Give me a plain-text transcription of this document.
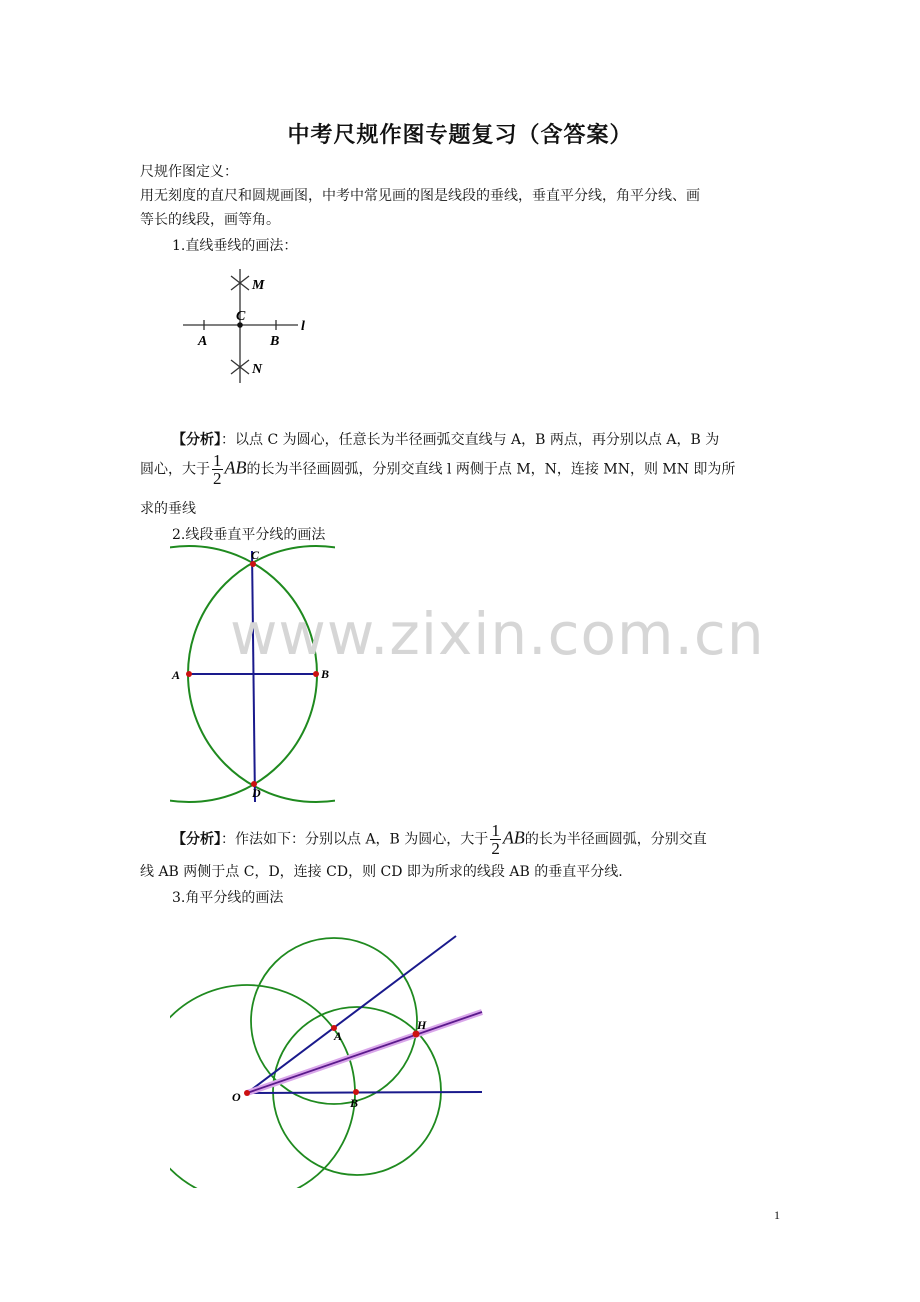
中考尺规作图专题复习（含答案）
尺规作图定义：
用无刻度的直尺和圆规画图，中考中常见画的图是线段的垂线，垂直平分线，角平分线、画
等长的线段，画等角。
1.直线垂线的画法：
M
C
A	B
l
N
【分析】：以点 C 为圆心，任意长为半径画弧交直线与 A，B 两点，再分别以点 A，B 为
圆心，大于 $\frac{1}{2}$ AB的长为半径画圆弧，分别交直线 l 两侧于点 M，N，连接 MN，则 MN 即为所
求的垂线
2.线段垂直平分线的画法
A	B
C
D
www.zixin.com.cn
【分析】：作法如下：分别以点 A，B 为圆心，大于 $\frac{1}{2}$ AB的长为半径画圆弧，分别交直
线 AB 两侧于点 C，D，连接 CD，则 CD 即为所求的线段 AB 的垂直平分线.
3.角平分线的画法
O
A
B
H
1
